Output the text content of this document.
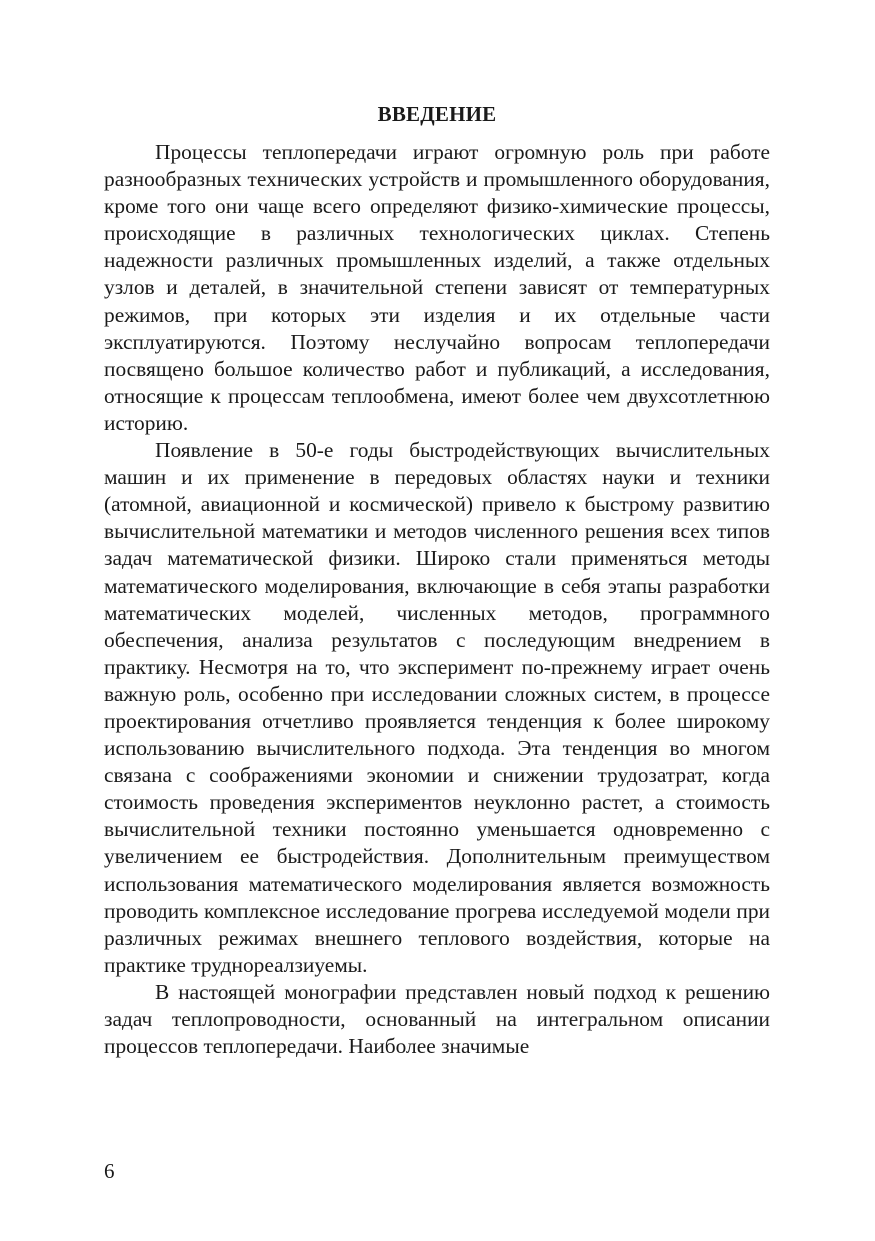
ВВЕДЕНИЕ

Процессы теплопередачи играют огромную роль при работе разнообразных технических устройств и промышленного оборудования, кроме того они чаще всего определяют физико-химические процессы, происходящие в различных технологических циклах. Степень надежности различных промышленных изделий, а также отдельных узлов и деталей, в значительной степени зависят от температурных режимов, при которых эти изделия и их отдельные части эксплуатируются. Поэтому неслучайно вопросам теплопередачи посвящено большое количество работ и публикаций, а исследования, относящие к процессам теплообмена, имеют более чем двухсотлетнюю историю.

Появление в 50-е годы быстродействующих вычислительных машин и их применение в передовых областях науки и техники (атомной, авиационной и космической) привело к быстрому развитию вычислительной математики и методов численного решения всех типов задач математической физики. Широко стали применяться методы математического моделирования, включающие в себя этапы разработки математических моделей, численных методов, программного обеспечения, анализа результатов с последующим внедрением в практику. Несмотря на то, что эксперимент по-прежнему играет очень важную роль, особенно при исследовании сложных систем, в процессе проектирования отчетливо проявляется тенденция к более широкому использованию вычислительного подхода. Эта тенденция во многом связана с соображениями экономии и снижении трудозатрат, когда стоимость проведения экспериментов неуклонно растет, а стоимость вычислительной техники постоянно уменьшается одновременно с увеличением ее быстродействия. Дополнительным преимуществом использования математического моделирования является возможность проводить комплексное исследование прогрева исследуемой модели при различных режимах внешнего теплового воздействия, которые на практике труднореалзиуемы.

В настоящей монографии представлен новый подход к решению задач теплопроводности, основанный на интегральном описании процессов теплопередачи. Наиболее значимые

6
